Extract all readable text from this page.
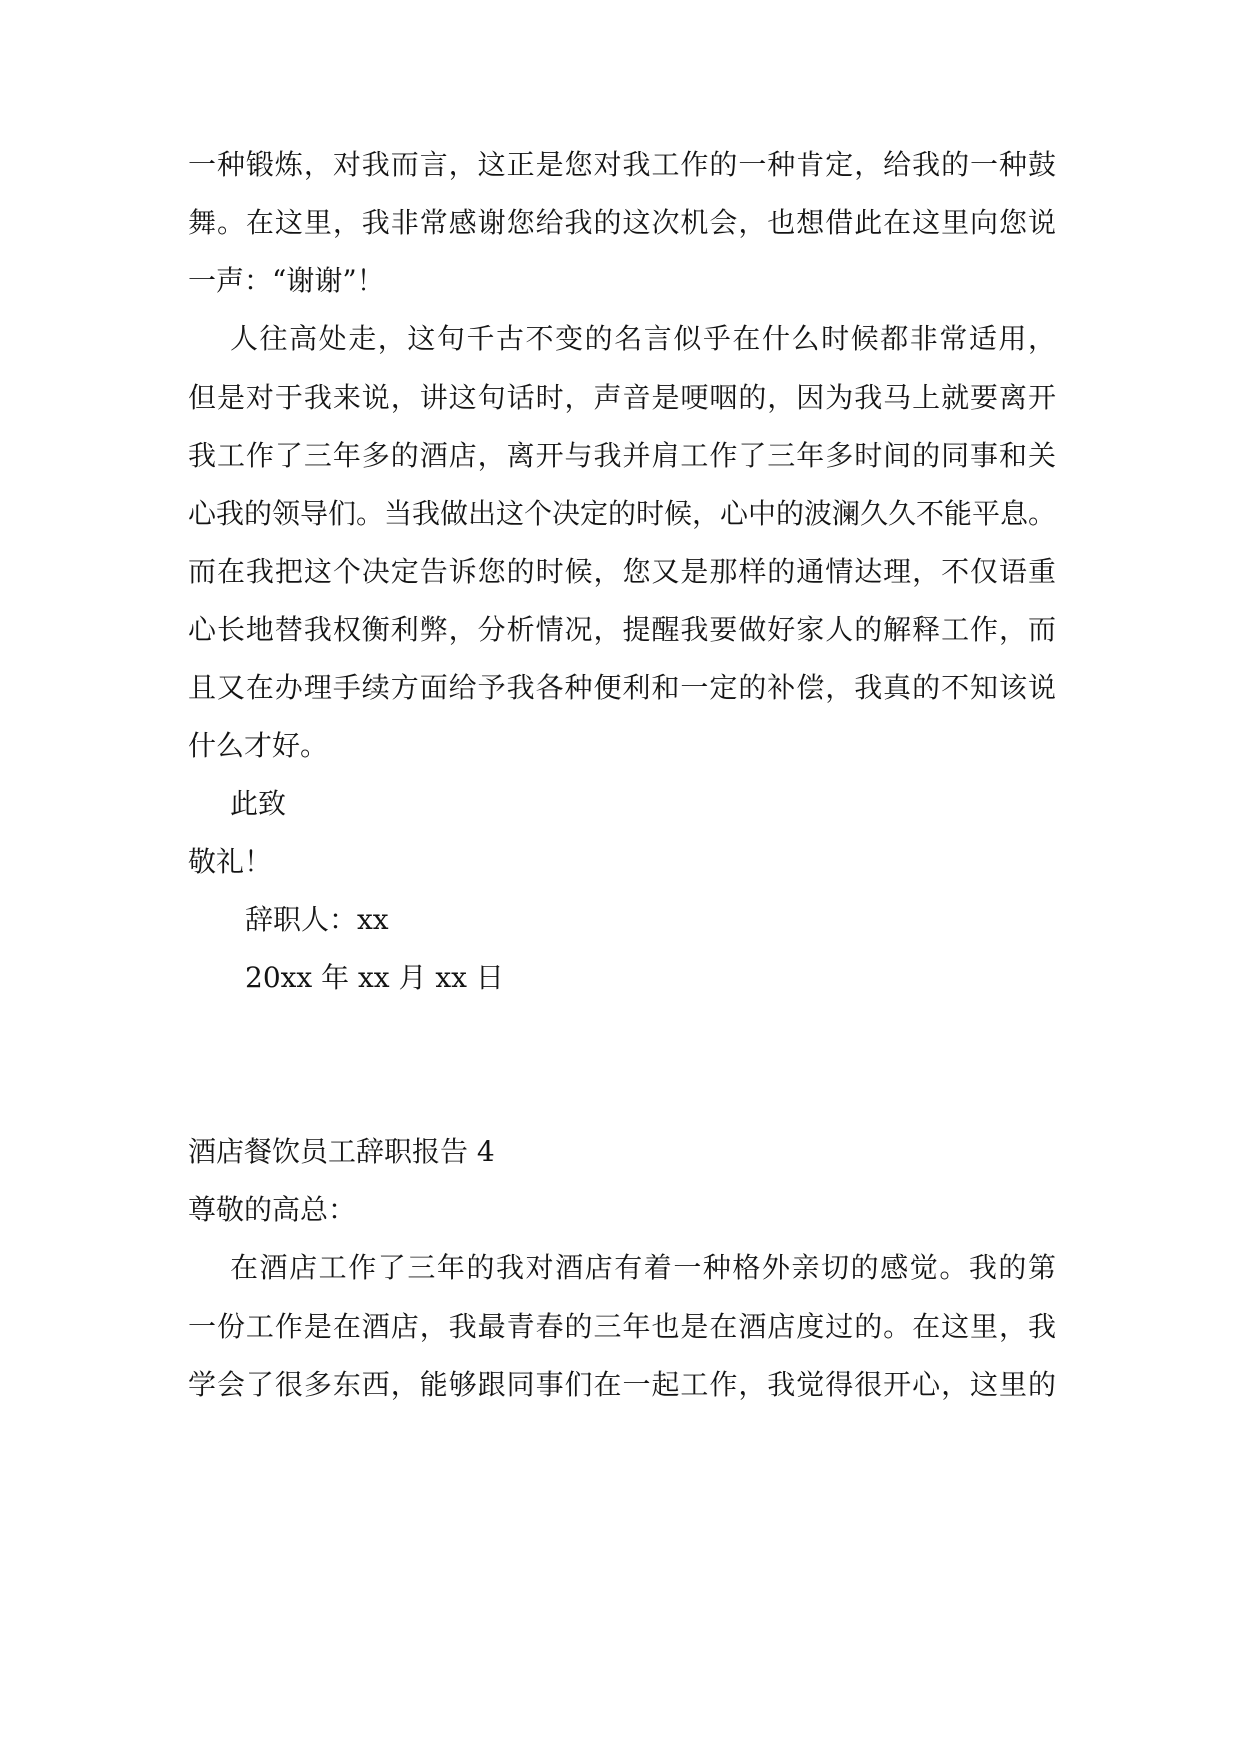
一种锻炼，对我而言，这正是您对我工作的一种肯定，给我的一种鼓
舞。在这里，我非常感谢您给我的这次机会，也想借此在这里向您说
一声：“谢谢”！
人往高处走，这句千古不变的名言似乎在什么时候都非常适用，
但是对于我来说，讲这句话时，声音是哽咽的，因为我马上就要离开
我工作了三年多的酒店，离开与我并肩工作了三年多时间的同事和关
心我的领导们。当我做出这个决定的时候，心中的波澜久久不能平息。
而在我把这个决定告诉您的时候，您又是那样的通情达理，不仅语重
心长地替我权衡利弊，分析情况，提醒我要做好家人的解释工作，而
且又在办理手续方面给予我各种便利和一定的补偿，我真的不知该说
什么才好。
此致
敬礼！
辞职人：xx
20xx 年 xx 月 xx 日
酒店餐饮员工辞职报告 4
尊敬的高总：
在酒店工作了三年的我对酒店有着一种格外亲切的感觉。我的第
一份工作是在酒店，我最青春的三年也是在酒店度过的。在这里，我
学会了很多东西，能够跟同事们在一起工作，我觉得很开心，这里的
